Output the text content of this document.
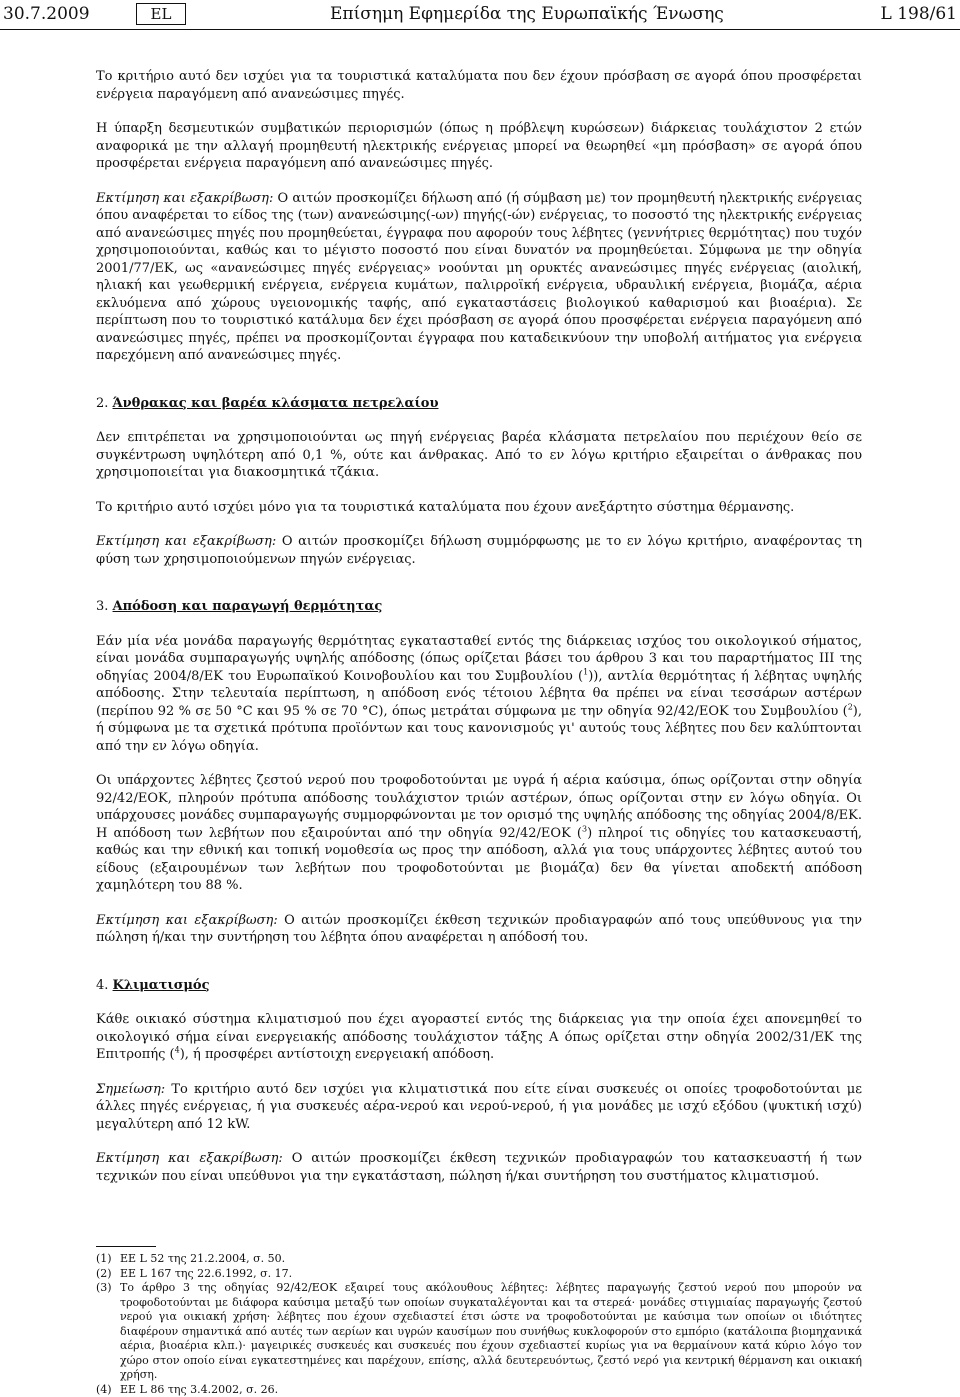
30.7.2009	EL	Επίσημη Εφημερίδα της Ευρωπαϊκής Ένωσης	L 198/61

Το κριτήριο αυτό δεν ισχύει για τα τουριστικά καταλύματα που δεν έχουν πρόσβαση σε αγορά όπου προσφέρεται ενέργεια παραγόμενη από ανανεώσιμες πηγές.

Η ύπαρξη δεσμευτικών συμβατικών περιορισμών (όπως η πρόβλεψη κυρώσεων) διάρκειας τουλάχιστον 2 ετών αναφορικά με την αλλαγή προμηθευτή ηλεκτρικής ενέργειας μπορεί να θεωρηθεί «μη πρόσβαση» σε αγορά όπου προσφέρεται ενέργεια παραγόμενη από ανανεώσιμες πηγές.

Εκτίμηση και εξακρίβωση: Ο αιτών προσκομίζει δήλωση από (ή σύμβαση με) τον προμηθευτή ηλεκτρικής ενέργειας όπου αναφέρεται το είδος της (των) ανανεώσιμης(-ων) πηγής(-ών) ενέργειας, το ποσοστό της ηλεκτρικής ενέργειας από ανανεώσιμες πηγές που προμηθεύεται, έγγραφα που αφορούν τους λέβητες (γεννήτριες θερμότητας) που τυχόν χρησιμοποιούνται, καθώς και το μέγιστο ποσοστό που είναι δυνατόν να προμηθεύεται. Σύμφωνα με την οδηγία 2001/77/ΕΚ, ως «ανανεώσιμες πηγές ενέργειας» νοούνται μη ορυκτές ανανεώσιμες πηγές ενέργειας (αιολική, ηλιακή και γεωθερμική ενέργεια, ενέργεια κυμάτων, παλιρροϊκή ενέργεια, υδραυλική ενέργεια, βιομάζα, αέρια εκλυόμενα από χώρους υγειονομικής ταφής, από εγκαταστάσεις βιολογικού καθαρισμού και βιοαέρια). Σε περίπτωση που το τουριστικό κατάλυμα δεν έχει πρόσβαση σε αγορά όπου προσφέρεται ενέργεια παραγόμενη από ανανεώσιμες πηγές, πρέπει να προσκομίζονται έγγραφα που καταδεικνύουν την υποβολή αιτήματος για ενέργεια παρεχόμενη από ανανεώσιμες πηγές.

2. Άνθρακας και βαρέα κλάσματα πετρελαίου

Δεν επιτρέπεται να χρησιμοποιούνται ως πηγή ενέργειας βαρέα κλάσματα πετρελαίου που περιέχουν θείο σε συγκέντρωση υψηλότερη από 0,1 %, ούτε και άνθρακας. Από το εν λόγω κριτήριο εξαιρείται ο άνθρακας που χρησιμοποιείται για διακοσμητικά τζάκια.

Το κριτήριο αυτό ισχύει μόνο για τα τουριστικά καταλύματα που έχουν ανεξάρτητο σύστημα θέρμανσης.

Εκτίμηση και εξακρίβωση: Ο αιτών προσκομίζει δήλωση συμμόρφωσης με το εν λόγω κριτήριο, αναφέροντας τη φύση των χρησιμοποιούμενων πηγών ενέργειας.

3. Απόδοση και παραγωγή θερμότητας

Εάν μία νέα μονάδα παραγωγής θερμότητας εγκατασταθεί εντός της διάρκειας ισχύος του οικολογικού σήματος, είναι μονάδα συμπαραγωγής υψηλής απόδοσης (όπως ορίζεται βάσει του άρθρου 3 και του παραρτήματος III της οδηγίας 2004/8/ΕΚ του Ευρωπαϊκού Κοινοβουλίου και του Συμβουλίου ($^1$)), αντλία θερμότητας ή λέβητας υψηλής απόδοσης. Στην τελευταία περίπτωση, η απόδοση ενός τέτοιου λέβητα θα πρέπει να είναι τεσσάρων αστέρων (περίπου 92 % σε 50 °C και 95 % σε 70 °C), όπως μετράται σύμφωνα με την οδηγία 92/42/ΕΟΚ του Συμβουλίου ($^2$), ή σύμφωνα με τα σχετικά πρότυπα προϊόντων και τους κανονισμούς γι' αυτούς τους λέβητες που δεν καλύπτονται από την εν λόγω οδηγία.

Οι υπάρχοντες λέβητες ζεστού νερού που τροφοδοτούνται με υγρά ή αέρια καύσιμα, όπως ορίζονται στην οδηγία 92/42/ΕΟΚ, πληρούν πρότυπα απόδοσης τουλάχιστον τριών αστέρων, όπως ορίζονται στην εν λόγω οδηγία. Οι υπάρχουσες μονάδες συμπαραγωγής συμμορφώνονται με τον ορισμό της υψηλής απόδοσης της οδηγίας 2004/8/ΕΚ. Η απόδοση των λεβήτων που εξαιρούνται από την οδηγία 92/42/ΕΟΚ ($^3$) πληροί τις οδηγίες του κατασκευαστή, καθώς και την εθνική και τοπική νομοθεσία ως προς την απόδοση, αλλά για τους υπάρχοντες λέβητες αυτού του είδους (εξαιρουμένων των λεβήτων που τροφοδοτούνται με βιομάζα) δεν θα γίνεται αποδεκτή απόδοση χαμηλότερη του 88 %.

Εκτίμηση και εξακρίβωση: Ο αιτών προσκομίζει έκθεση τεχνικών προδιαγραφών από τους υπεύθυνους για την πώληση ή/και την συντήρηση του λέβητα όπου αναφέρεται η απόδοσή του.

4. Κλιματισμός

Κάθε οικιακό σύστημα κλιματισμού που έχει αγοραστεί εντός της διάρκειας για την οποία έχει απονεμηθεί το οικολογικό σήμα είναι ενεργειακής απόδοσης τουλάχιστον τάξης Α όπως ορίζεται στην οδηγία 2002/31/ΕΚ της Επιτροπής ($^4$), ή προσφέρει αντίστοιχη ενεργειακή απόδοση.

Σημείωση: Το κριτήριο αυτό δεν ισχύει για κλιματιστικά που είτε είναι συσκευές οι οποίες τροφοδοτούνται με άλλες πηγές ενέργειας, ή για συσκευές αέρα-νερού και νερού-νερού, ή για μονάδες με ισχύ εξόδου (ψυκτική ισχύ) μεγαλύτερη από 12 kW.

Εκτίμηση και εξακρίβωση: Ο αιτών προσκομίζει έκθεση τεχνικών προδιαγραφών του κατασκευαστή ή των τεχνικών που είναι υπεύθυνοι για την εγκατάσταση, πώληση ή/και συντήρηση του συστήματος κλιματισμού.

(1) ΕΕ L 52 της 21.2.2004, σ. 50.

(2) ΕΕ L 167 της 22.6.1992, σ. 17.

(3) Το άρθρο 3 της οδηγίας 92/42/ΕΟΚ εξαιρεί τους ακόλουθους λέβητες: λέβητες παραγωγής ζεστού νερού που μπορούν να τροφοδοτούνται με διάφορα καύσιμα μεταξύ των οποίων συγκαταλέγονται και τα στερεά· μονάδες στιγμιαίας παραγωγής ζεστού νερού για οικιακή χρήση· λέβητες που έχουν σχεδιαστεί έτσι ώστε να τροφοδοτούνται με καύσιμα των οποίων οι ιδιότητες διαφέρουν σημαντικά από αυτές των αερίων και υγρών καυσίμων που συνήθως κυκλοφορούν στο εμπόριο (κατάλοιπα βιομηχανικά αέρια, βιοαέρια κλπ.)· μαγειρικές συσκευές και συσκευές που έχουν σχεδιαστεί κυρίως για να θερμαίνουν κατά κύριο λόγο τον χώρο στον οποίο είναι εγκατεστημένες και παρέχουν, επίσης, αλλά δευτερευόντως, ζεστό νερό για κεντρική θέρμανση και οικιακή χρήση.

(4) ΕΕ L 86 της 3.4.2002, σ. 26.
